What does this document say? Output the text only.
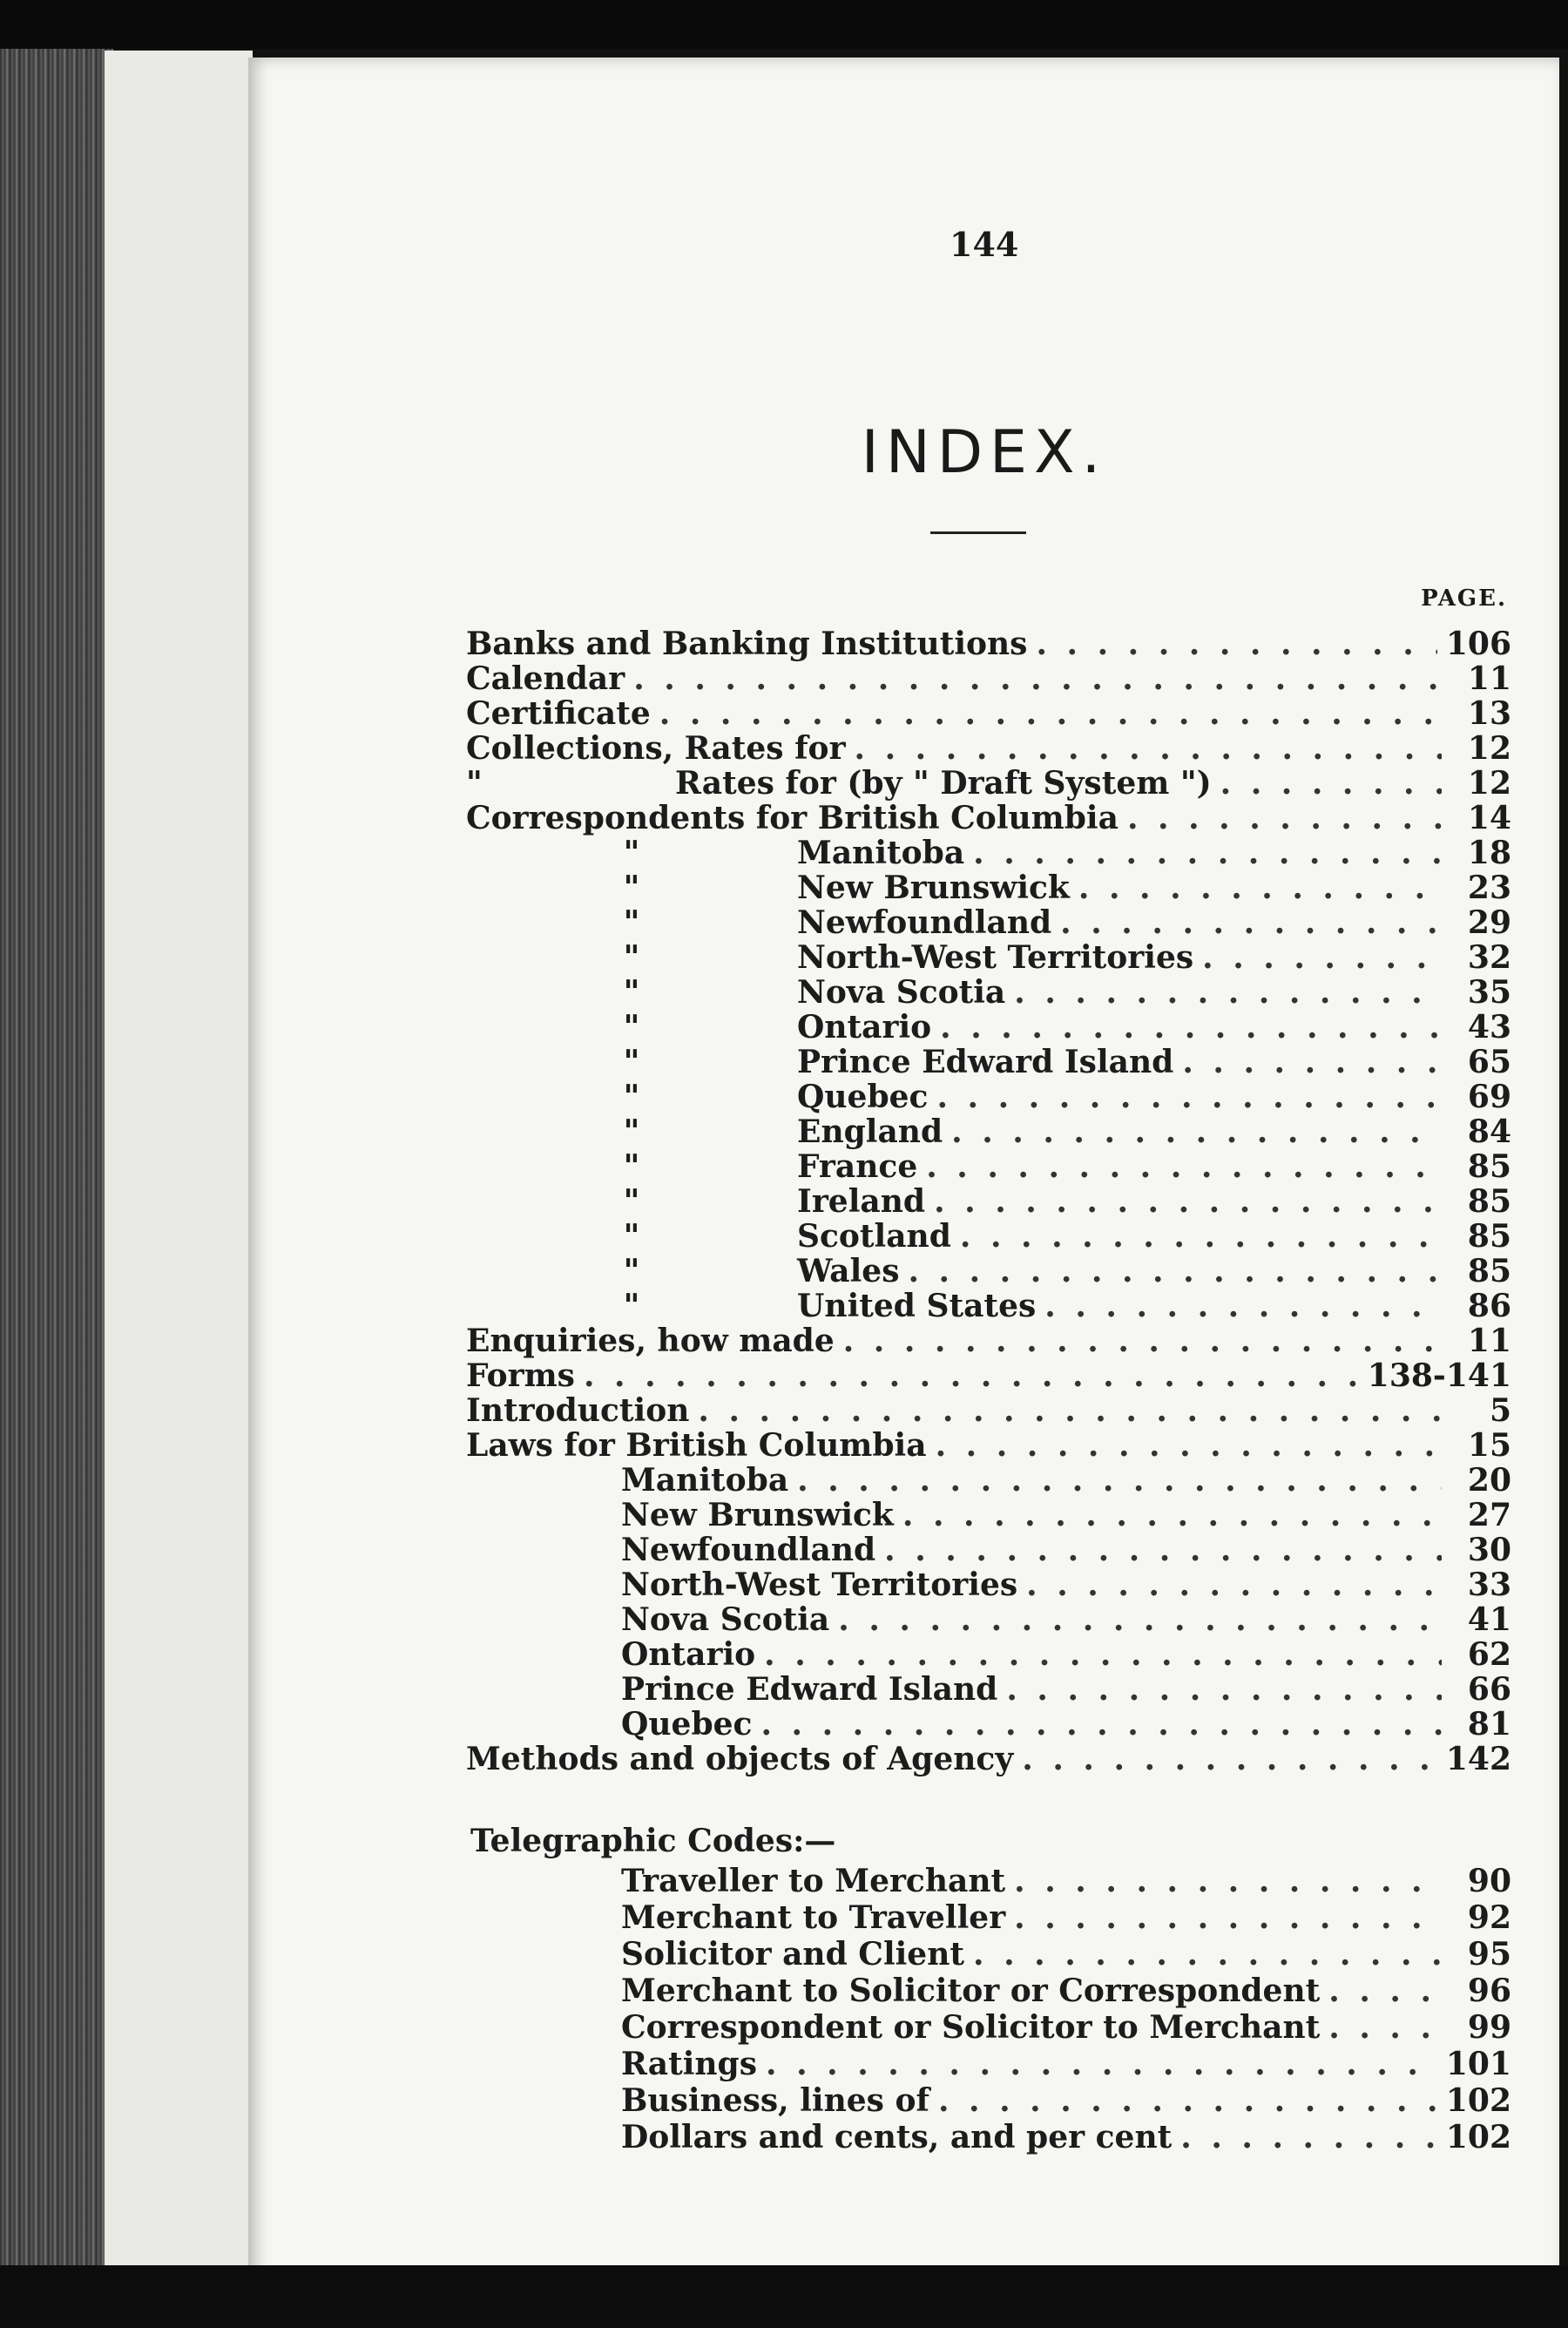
144
INDEX.
PAGE.
Banks and Banking Institutions . . .	106
Calendar . . .	11
Certificate . . .	13
Collections, Rates for . . .	12
"	Rates for (by " Draft System ") . . .	12
Correspondents for British Columbia . . .	14
"	Manitoba . . .	18
"	New Brunswick . . .	23
"	Newfoundland . . .	29
"	North-West Territories . . .	32
"	Nova Scotia . . .	35
"	Ontario . . .	43
"	Prince Edward Island . . .	65
"	Quebec . . .	69
"	England . . .	84
"	France . . .	85
"	Ireland . . .	85
"	Scotland . . .	85
"	Wales . . .	85
"	United States . . .	86
Enquiries, how made . . .	11
Forms . . .	138-141
Introduction . . .	5
Laws for British Columbia . . .	15
Manitoba . . .	20
New Brunswick . . .	27
Newfoundland . . .	30
North-West Territories . . .	33
Nova Scotia . . .	41
Ontario . . .	62
Prince Edward Island . . .	66
Quebec . . .	81
Methods and objects of Agency . . .	142
Telegraphic Codes:—
Traveller to Merchant . . .	90
Merchant to Traveller . . .	92
Solicitor and Client . . .	95
Merchant to Solicitor or Correspondent . . .	96
Correspondent or Solicitor to Merchant . . .	99
Ratings . . .	101
Business, lines of . . .	102
Dollars and cents, and per cent . . .	102
